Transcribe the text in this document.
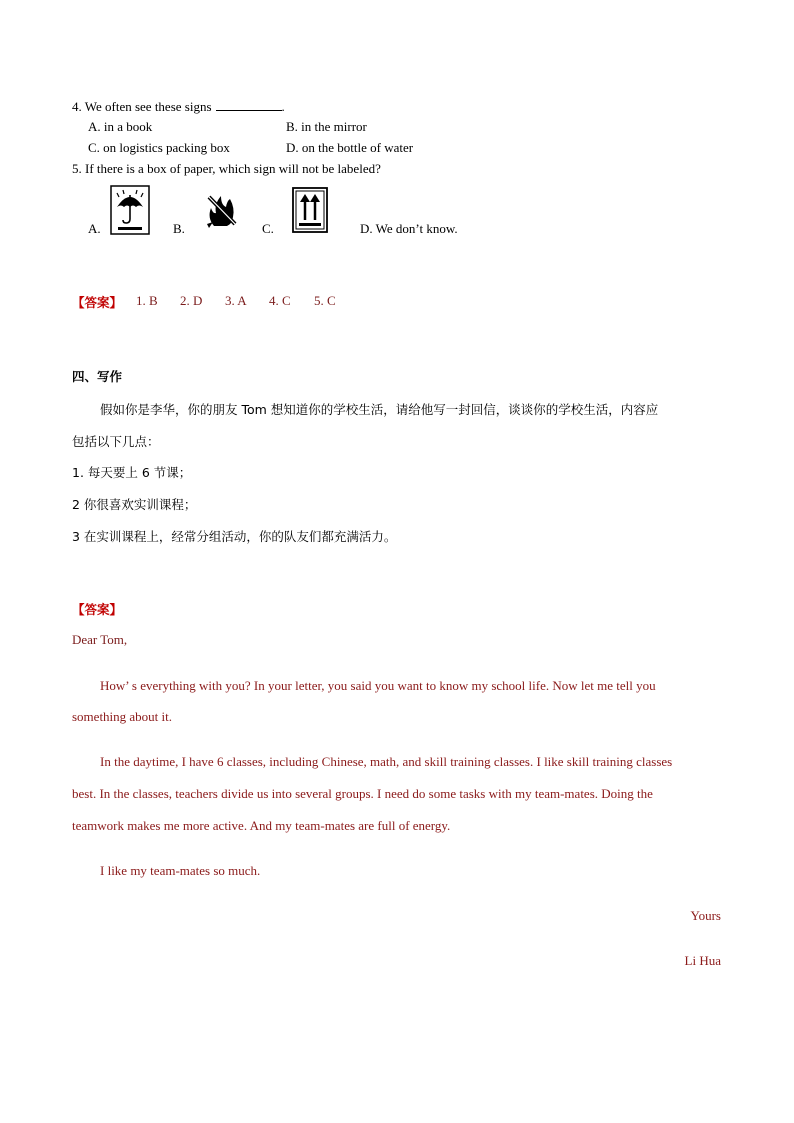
4. We often see these signs	.
A. in a book	B. in the mirror
C. on logistics packing box	D. on the bottle of water
5. If there is a box of paper, which sign will not be labeled?
A.	B.	C.	D. We don’t know.
【答案】 1. B 2. D 3. A 4. C 5. C
四、写作
假如你是李华，你的朋友 Tom 想知道你的学校生活，请给他写一封回信，谈谈你的学校生活，内容应
包括以下几点：
1. 每天要上 6 节课；
2 你很喜欢实训课程；
3 在实训课程上，经常分组活动，你的队友们都充满活力。
【答案】
Dear Tom,
How’ s everything with you? In your letter, you said you want to know my school life. Now let me tell you
something about it.
In the daytime, I have 6 classes, including Chinese, math, and skill training classes. I like skill training classes
best. In the classes, teachers divide us into several groups. I need do some tasks with my team-mates. Doing the
teamwork makes me more active. And my team-mates are full of energy.
I like my team-mates so much.
Yours
Li Hua
